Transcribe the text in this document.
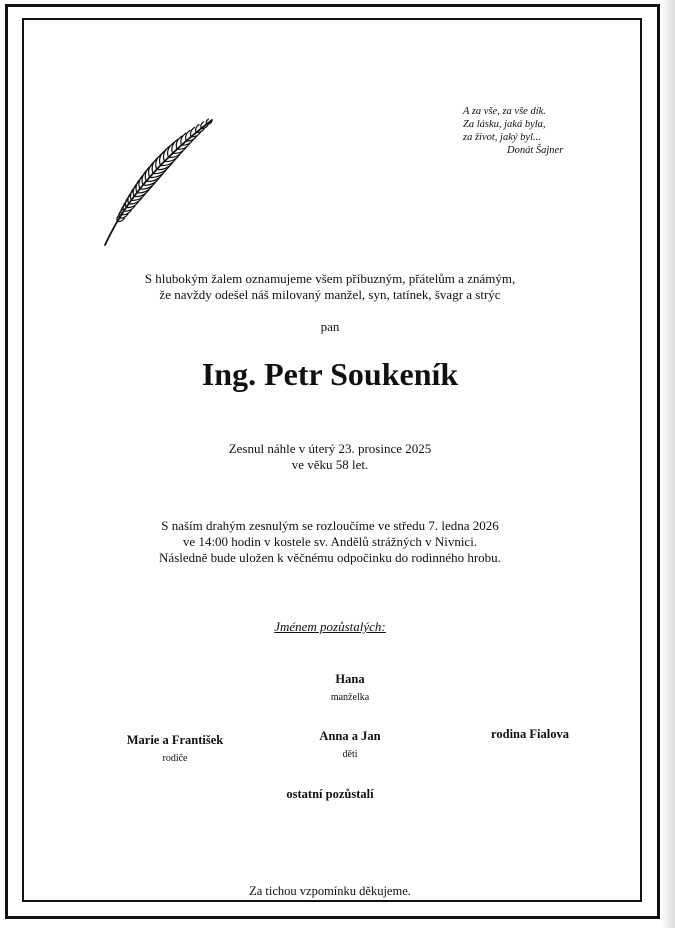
A za vše, za vše dík.
Za lásku, jaká byla,
za život, jaký byl...
Donát Šajner
S hlubokým žalem oznamujeme všem příbuzným, přátelům a známým,
že navždy odešel náš milovaný manžel, syn, tatínek, švagr a strýc
pan
Ing. Petr Soukeník
Zesnul náhle v úterý 23. prosince 2025
ve věku 58 let.
S naším drahým zesnulým se rozloučíme ve středu 7. ledna 2026
ve 14:00 hodin v kostele sv. Andělů strážných v Nivnici.
Následně bude uložen k věčnému odpočinku do rodinného hrobu.
Jménem pozůstalých:
Hana
manželka
Marie a František
rodiče
Anna a Jan
děti
rodina Fialova
ostatní pozůstalí
Za tichou vzpomínku děkujeme.
